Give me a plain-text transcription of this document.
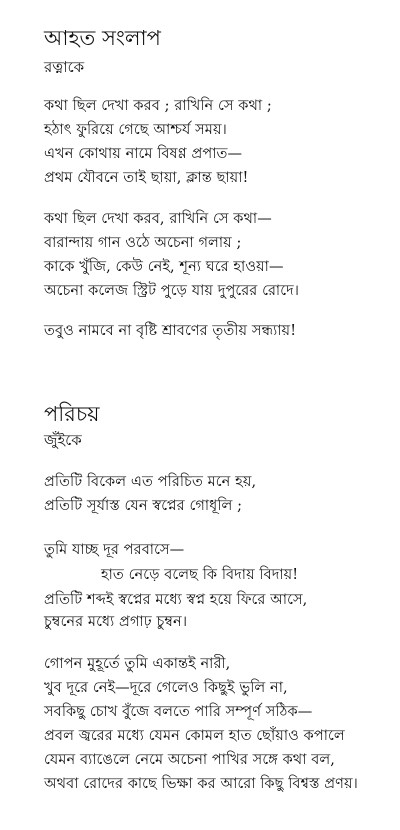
আহত সংলাপ
রত্নাকে
কথা ছিল দেখা করব ; রাখিনি সে কথা ;
হঠাৎ ফুরিয়ে গেছে আশ্চর্য সময়।
এখন কোথায় নামে বিষণ্ণ প্রপাত—
প্রথম যৌবনে তাই ছায়া, ক্লান্ত ছায়া!
কথা ছিল দেখা করব, রাখিনি সে কথা—
বারান্দায় গান ওঠে অচেনা গলায় ;
কাকে খুঁজি, কেউ নেই, শূন্য ঘরে হাওয়া—
অচেনা কলেজ স্ট্রিট পুড়ে যায় দুপুরের রোদে।
তবুও নামবে না বৃষ্টি শ্রাবণের তৃতীয় সন্ধ্যায়!
পরিচয়
জুঁইকে
প্রতিটি বিকেল এত পরিচিত মনে হয়,
প্রতিটি সূর্যাস্ত যেন স্বপ্নের গোধূলি ;
তুমি যাচ্ছ দূর পরবাসে—
হাত নেড়ে বলেছ কি বিদায় বিদায়!
প্রতিটি শব্দই স্বপ্নের মধ্যে স্বপ্ন হয়ে ফিরে আসে,
চুম্বনের মধ্যে প্রগাঢ় চুম্বন।
গোপন মুহূর্তে তুমি একান্তই নারী,
খুব দূরে নেই—দূরে গেলেও কিছুই ভুলি না,
সবকিছু চোখ বুঁজে বলতে পারি সম্পূর্ণ সঠিক—
প্রবল জ্বরের মধ্যে যেমন কোমল হাত ছোঁয়াও কপালে
যেমন ব্যাঙেলে নেমে অচেনা পাখির সঙ্গে কথা বল,
অথবা রোদের কাছে ভিক্ষা কর আরো কিছু বিশ্বস্ত প্রণয়।
